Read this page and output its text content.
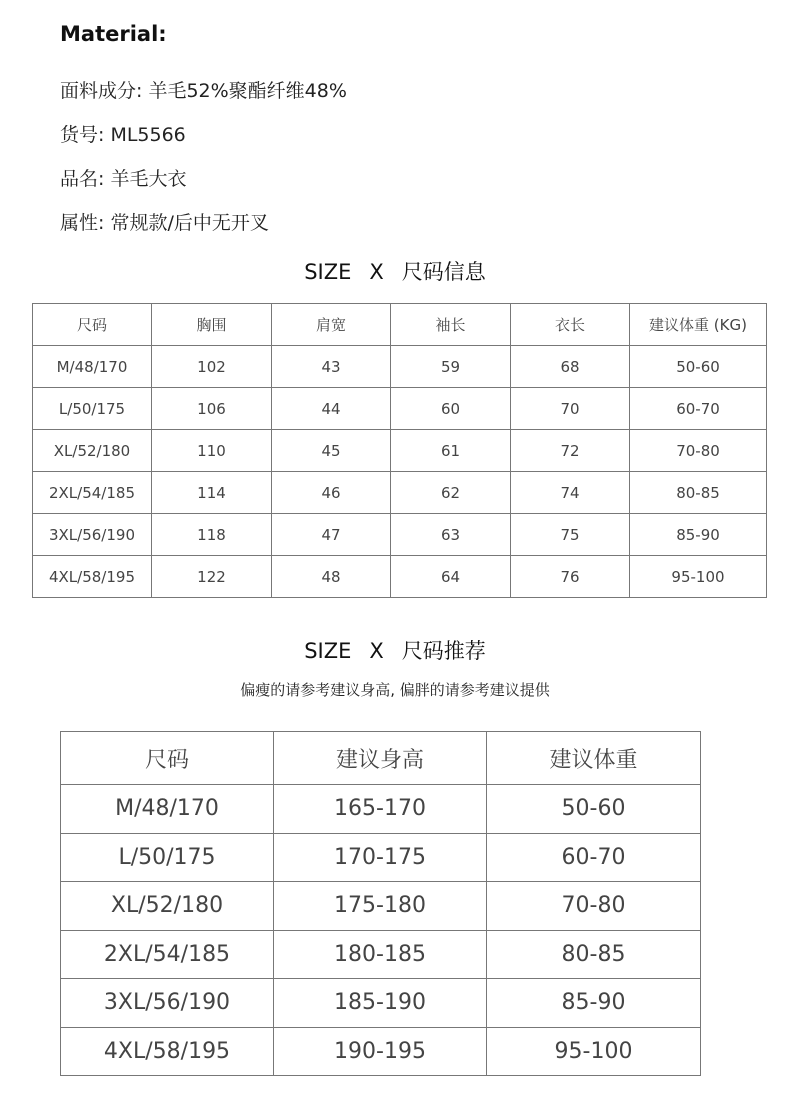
Material:
面料成分: 羊毛52%聚酯纤维48%
货号: ML5566
品名: 羊毛大衣
属性: 常规款/后中无开叉
SIZE X 尺码信息
尺码	胸围	肩宽	袖长	衣长	建议体重 (KG)
M/48/170	102	43	59	68	50-60
L/50/175	106	44	60	70	60-70
XL/52/180	110	45	61	72	70-80
2XL/54/185	114	46	62	74	80-85
3XL/56/190	118	47	63	75	85-90
4XL/58/195	122	48	64	76	95-100
SIZE X 尺码推荐
偏瘦的请参考建议身高, 偏胖的请参考建议提供
尺码	建议身高	建议体重
M/48/170	165-170	50-60
L/50/175	170-175	60-70
XL/52/180	175-180	70-80
2XL/54/185	180-185	80-85
3XL/56/190	185-190	85-90
4XL/58/195	190-195	95-100
